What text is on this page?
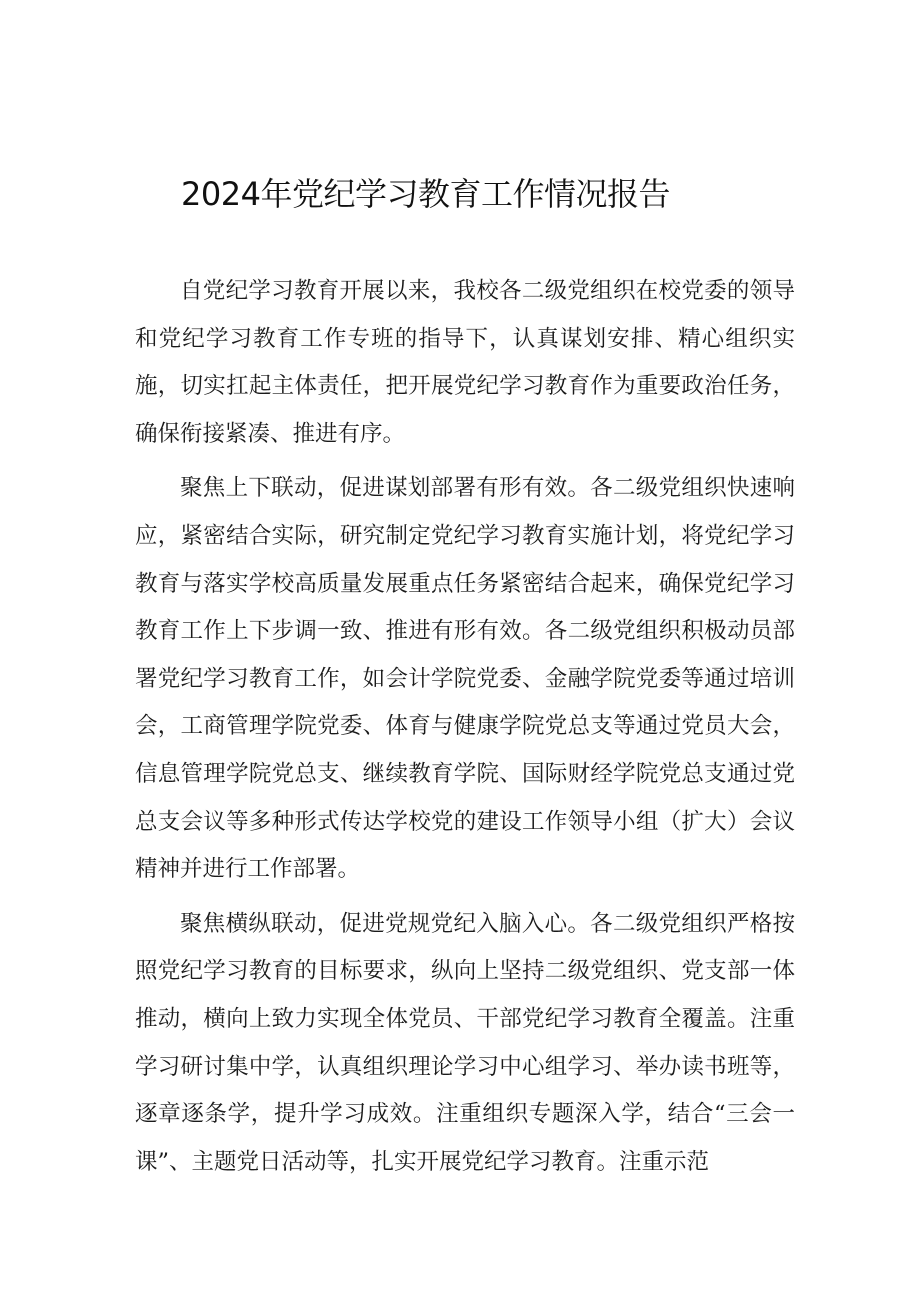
2024年党纪学习教育工作情况报告

自党纪学习教育开展以来，我校各二级党组织在校党委的领导和党纪学习教育工作专班的指导下，认真谋划安排、精心组织实施，切实扛起主体责任，把开展党纪学习教育作为重要政治任务，确保衔接紧凑、推进有序。

聚焦上下联动，促进谋划部署有形有效。各二级党组织快速响应，紧密结合实际，研究制定党纪学习教育实施计划，将党纪学习教育与落实学校高质量发展重点任务紧密结合起来，确保党纪学习教育工作上下步调一致、推进有形有效。各二级党组织积极动员部署党纪学习教育工作，如会计学院党委、金融学院党委等通过培训会，工商管理学院党委、体育与健康学院党总支等通过党员大会，信息管理学院党总支、继续教育学院、国际财经学院党总支通过党总支会议等多种形式传达学校党的建设工作领导小组（扩大）会议精神并进行工作部署。

聚焦横纵联动，促进党规党纪入脑入心。各二级党组织严格按照党纪学习教育的目标要求，纵向上坚持二级党组织、党支部一体推动，横向上致力实现全体党员、干部党纪学习教育全覆盖。注重学习研讨集中学，认真组织理论学习中心组学习、举办读书班等，逐章逐条学，提升学习成效。注重组织专题深入学，结合“三会一课”、主题党日活动等，扎实开展党纪学习教育。注重示范
